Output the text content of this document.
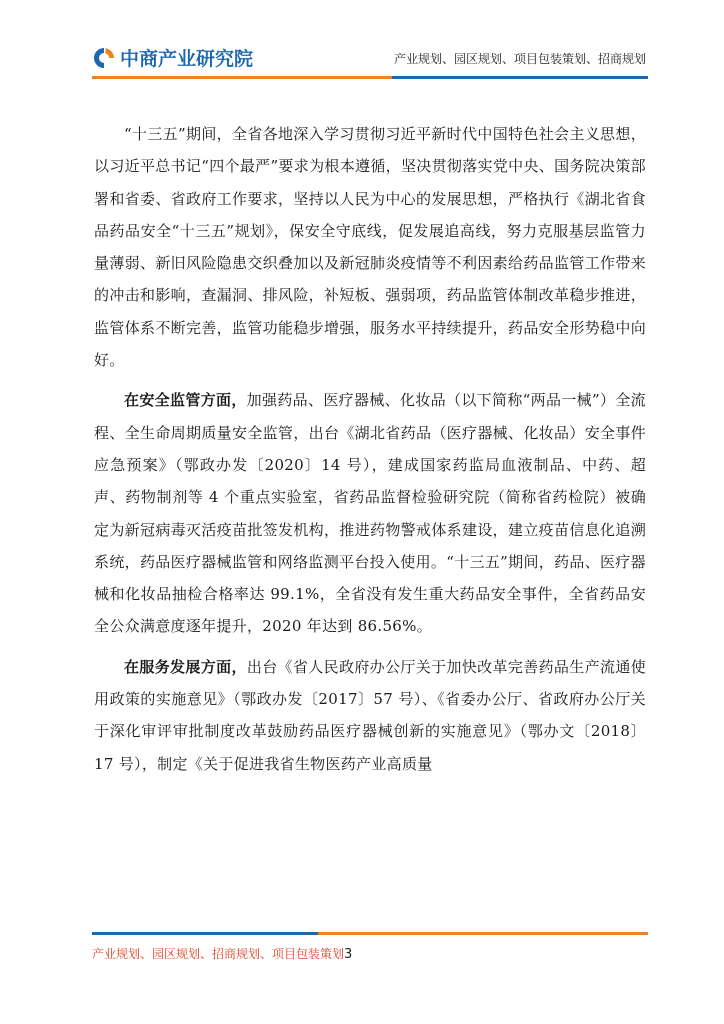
中商产业研究院	产业规划、园区规划、项目包装策划、招商规划

“十三五”期间，全省各地深入学习贯彻习近平新时代中国特色社会主义思想，以习近平总书记“四个最严”要求为根本遵循，坚决贯彻落实党中央、国务院决策部署和省委、省政府工作要求，坚持以人民为中心的发展思想，严格执行《湖北省食品药品安全“十三五”规划》，保安全守底线，促发展追高线，努力克服基层监管力量薄弱、新旧风险隐患交织叠加以及新冠肺炎疫情等不利因素给药品监管工作带来的冲击和影响，查漏洞、排风险，补短板、强弱项，药品监管体制改革稳步推进，监管体系不断完善，监管功能稳步增强，服务水平持续提升，药品安全形势稳中向好。

在安全监管方面，加强药品、医疗器械、化妆品（以下简称“两品一械”）全流程、全生命周期质量安全监管，出台《湖北省药品（医疗器械、化妆品）安全事件应急预案》（鄂政办发〔2020〕14 号），建成国家药监局血液制品、中药、超声、药物制剂等 4 个重点实验室，省药品监督检验研究院（简称省药检院）被确定为新冠病毒灭活疫苗批签发机构，推进药物警戒体系建设，建立疫苗信息化追溯系统，药品医疗器械监管和网络监测平台投入使用。“十三五”期间，药品、医疗器械和化妆品抽检合格率达 99.1%，全省没有发生重大药品安全事件，全省药品安全公众满意度逐年提升，2020 年达到 86.56%。

在服务发展方面，出台《省人民政府办公厅关于加快改革完善药品生产流通使用政策的实施意见》（鄂政办发〔2017〕57 号）、《省委办公厅、省政府办公厅关于深化审评审批制度改革鼓励药品医疗器械创新的实施意见》（鄂办文〔2018〕17 号），制定《关于促进我省生物医药产业高质量

产业规划、园区规划、招商规划、项目包装策划3
